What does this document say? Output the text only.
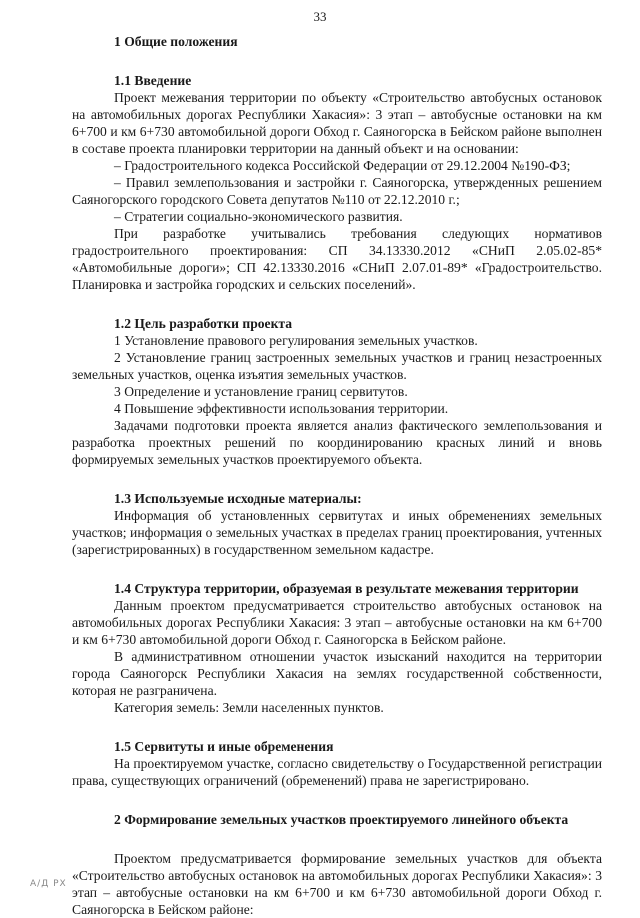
33
1 Общие положения
1.1 Введение

Проект межевания территории по объекту «Строительство автобусных остановок на автомобильных дорогах Республики Хакасия»: 3 этап – автобусные остановки на км 6+700 и км 6+730 автомобильной дороги Обход г. Саяногорска в Бейском районе выполнен в составе проекта планировки территории на данный объект и на основании:

– Градостроительного кодекса Российской Федерации от 29.12.2004 №190-ФЗ;

– Правил землепользования и застройки г. Саяногорска, утвержденных решением Саяногорского городского Совета депутатов №110 от 22.12.2010 г.;

– Стратегии социально-экономического развития.

При разработке учитывались требования следующих нормативов градостроительного проектирования: СП 34.13330.2012 «СНиП 2.05.02-85* «Автомобильные дороги»; СП 42.13330.2016 «СНиП 2.07.01-89* «Градостроительство. Планировка и застройка городских и сельских поселений».

1.2 Цель разработки проекта

1 Установление правового регулирования земельных участков.

2 Установление границ застроенных земельных участков и границ незастроенных земельных участков, оценка изъятия земельных участков.

3 Определение и установление границ сервитутов.

4 Повышение эффективности использования территории.

Задачами подготовки проекта является анализ фактического землепользования и разработка проектных решений по координированию красных линий и вновь формируемых земельных участков проектируемого объекта.

1.3 Используемые исходные материалы:

Информация об установленных сервитутах и иных обременениях земельных участков; информация о земельных участках в пределах границ проектирования, учтенных (зарегистрированных) в государственном земельном кадастре.

1.4 Структура территории, образуемая в результате межевания территории

Данным проектом предусматривается строительство автобусных остановок на автомобильных дорогах Республики Хакасия: 3 этап – автобусные остановки на км 6+700 и км 6+730 автомобильной дороги Обход г. Саяногорска в Бейском районе.

В административном отношении участок изысканий находится на территории города Саяногорск Республики Хакасия на землях государственной собственности, которая не разграничена.

Категория земель: Земли населенных пунктов.

1.5 Сервитуты и иные обременения

На проектируемом участке, согласно свидетельству о Государственной регистрации права, существующих ограничений (обременений) права не зарегистрировано.

2 Формирование земельных участков проектируемого линейного объекта

Проектом предусматривается формирование земельных участков для объекта «Строительство автобусных остановок на автомобильных дорогах Республики Хакасия»: 3 этап – автобусные остановки на км 6+700 и км 6+730 автомобильной дороги Обход г. Саяногорска в Бейском районе:

А/Д РХ
